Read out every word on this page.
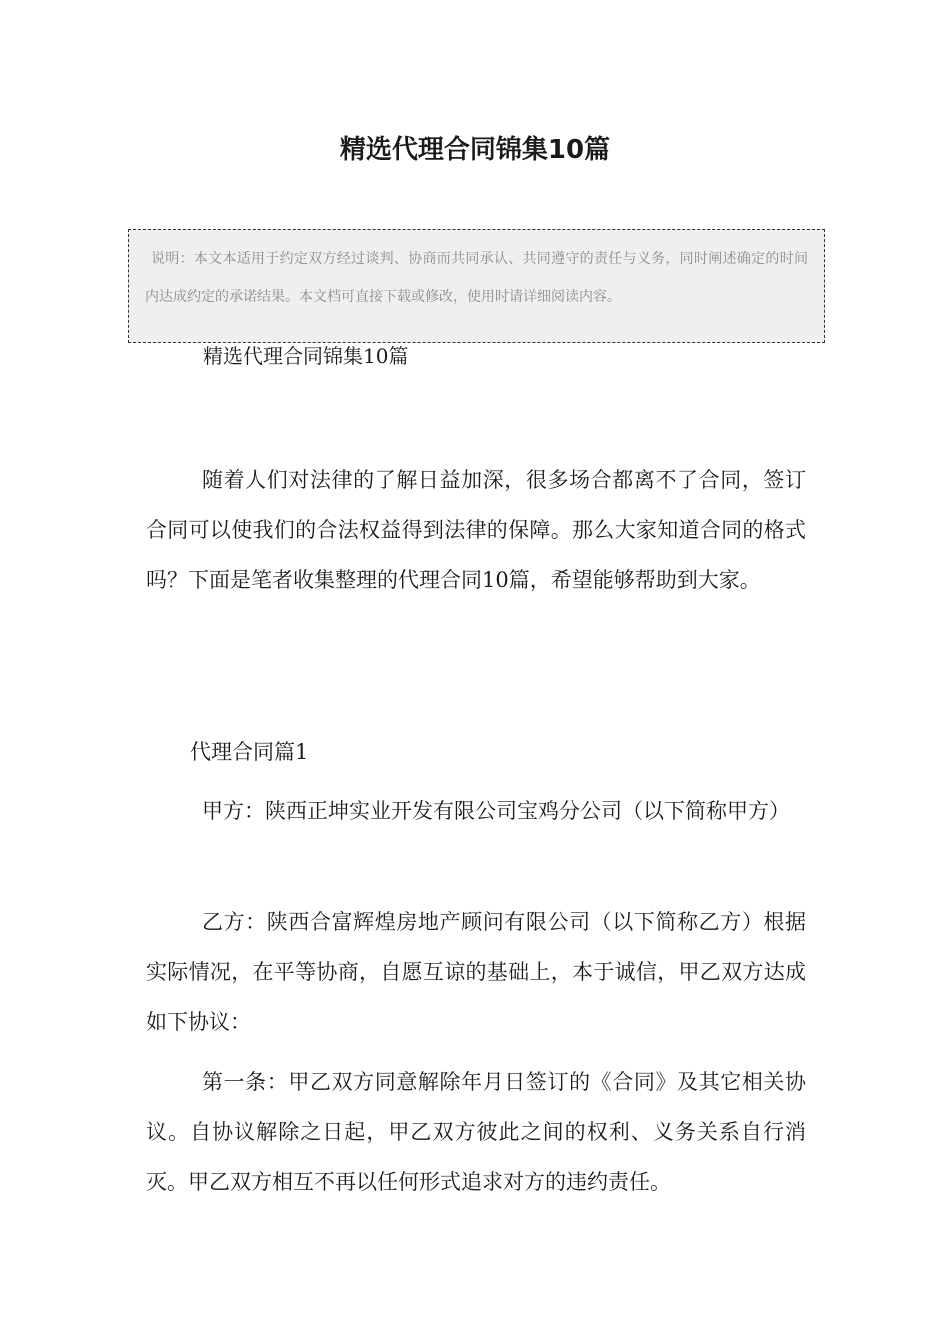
精选代理合同锦集10篇
说明：本文本适用于约定双方经过谈判、协商而共同承认、共同遵守的责任与义务，同时阐述确定的时间内达成约定的承诺结果。本文档可直接下载或修改，使用时请详细阅读内容。

精选代理合同锦集10篇

随着人们对法律的了解日益加深，很多场合都离不了合同，签订合同可以使我们的合法权益得到法律的保障。那么大家知道合同的格式吗？下面是笔者收集整理的代理合同10篇，希望能够帮助到大家。

代理合同篇1

甲方：陕西正坤实业开发有限公司宝鸡分公司（以下简称甲方）

乙方：陕西合富辉煌房地产顾问有限公司（以下简称乙方）根据实际情况，在平等协商，自愿互谅的基础上，本于诚信，甲乙双方达成如下协议：

第一条：甲乙双方同意解除年月日签订的《合同》及其它相关协议。自协议解除之日起，甲乙双方彼此之间的权利、义务关系自行消灭。甲乙双方相互不再以任何形式追求对方的违约责任。
